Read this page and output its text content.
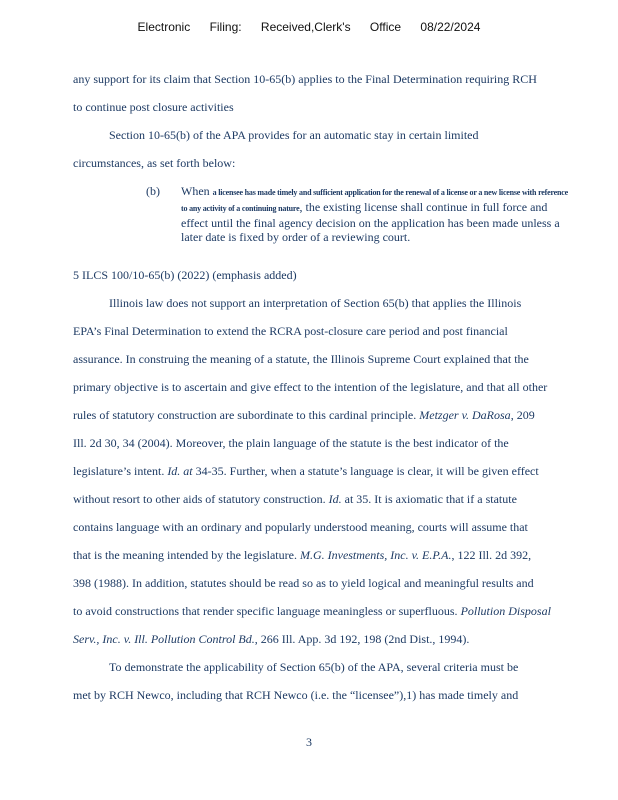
Electronic Filing: Received,Clerk's Office 08/22/2024
any support for its claim that Section 10-65(b) applies to the Final Determination requiring RCH
to continue post closure activities
Section 10-65(b) of the APA provides for an automatic stay in certain limited
circumstances, as set forth below:
(b) When a licensee has made timely and sufficient application for the renewal of a license or a new license with reference to any activity of a continuing nature, the existing license shall continue in full force and effect until the final agency decision on the application has been made unless a later date is fixed by order of a reviewing court.
5 ILCS 100/10-65(b) (2022) (emphasis added)
Illinois law does not support an interpretation of Section 65(b) that applies the Illinois
EPA’s Final Determination to extend the RCRA post-closure care period and post financial
assurance. In construing the meaning of a statute, the Illinois Supreme Court explained that the
primary objective is to ascertain and give effect to the intention of the legislature, and that all other
rules of statutory construction are subordinate to this cardinal principle. Metzger v. DaRosa, 209
Ill. 2d 30, 34 (2004). Moreover, the plain language of the statute is the best indicator of the
legislature’s intent. Id. at 34-35. Further, when a statute’s language is clear, it will be given effect
without resort to other aids of statutory construction. Id. at 35. It is axiomatic that if a statute
contains language with an ordinary and popularly understood meaning, courts will assume that
that is the meaning intended by the legislature. M.G. Investments, Inc. v. E.P.A., 122 Ill. 2d 392,
398 (1988). In addition, statutes should be read so as to yield logical and meaningful results and
to avoid constructions that render specific language meaningless or superfluous. Pollution Disposal
Serv., Inc. v. Ill. Pollution Control Bd., 266 Ill. App. 3d 192, 198 (2nd Dist., 1994).
To demonstrate the applicability of Section 65(b) of the APA, several criteria must be
met by RCH Newco, including that RCH Newco (i.e. the “licensee”),1) has made timely and
3
